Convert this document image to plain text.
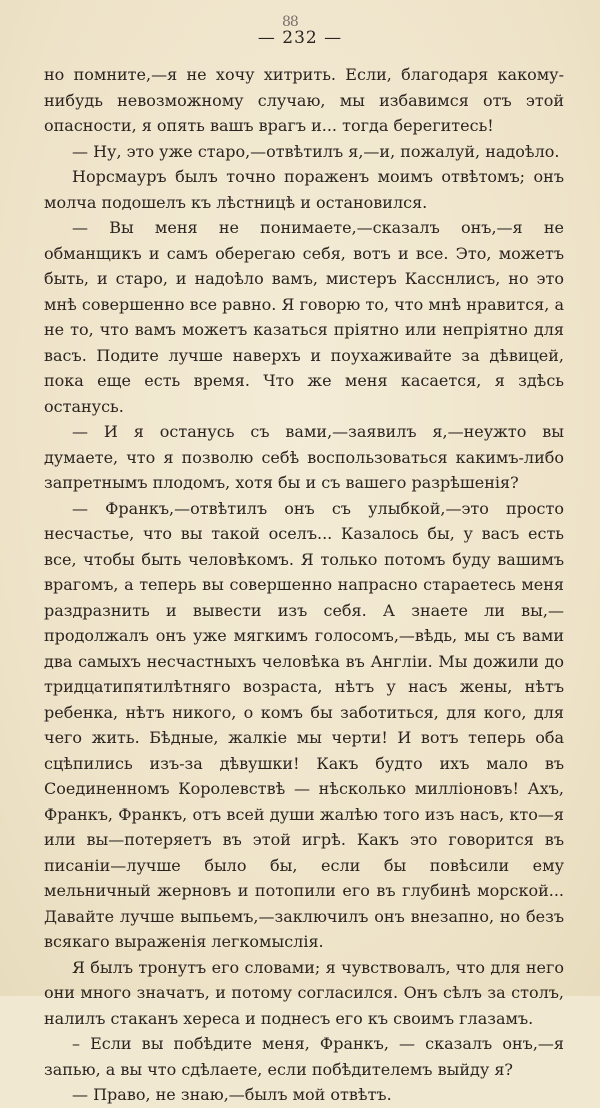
88
— 232 —

но помните,—я не хочу хитрить. Если, благодаря какому-нибудь невозможному случаю, мы избавимся отъ этой опасности, я опять вашъ врагъ и... тогда берегитесь!

— Ну, это уже старо,—отвѣтилъ я,—и, пожалуй, надоѣло.

Норсмауръ былъ точно пораженъ моимъ отвѣтомъ; онъ молча подошелъ къ лѣстницѣ и остановился.

— Вы меня не понимаете,—сказалъ онъ,—я не обманщикъ и самъ оберегаю себя, вотъ и все. Это, можетъ быть, и старо, и надоѣло вамъ, мистеръ Касснлисъ, но это мнѣ совершенно все равно. Я говорю то, что мнѣ нравится, а не то, что вамъ можетъ казаться пріятно или непріятно для васъ. Подите лучше наверхъ и поухаживайте за дѣвицей, пока еще есть время. Что же меня касается, я здѣсь останусь.

— И я останусь съ вами,—заявилъ я,—неужто вы думаете, что я позволю себѣ воспользоваться какимъ-либо запретнымъ плодомъ, хотя бы и съ вашего разрѣшенія?

— Франкъ,—отвѣтилъ онъ съ улыбкой,—это просто несчастье, что вы такой оселъ... Казалось бы, у васъ есть все, чтобы быть человѣкомъ. Я только потомъ буду вашимъ врагомъ, а теперь вы совершенно напрасно стараетесь меня раздразнить и вывести изъ себя. А знаете ли вы,—продолжалъ онъ уже мягкимъ голосомъ,—вѣдь, мы съ вами два самыхъ несчастныхъ человѣка въ Англіи. Мы дожили до тридцатипятилѣтняго возраста, нѣтъ у насъ жены, нѣтъ ребенка, нѣтъ никого, о комъ бы заботиться, для кого, для чего жить. Бѣдные, жалкіе мы черти! И вотъ теперь оба сцѣпились изъ-за дѣвушки! Какъ будто ихъ мало въ Соединенномъ Королевствѣ — нѣсколько милліоновъ! Ахъ, Франкъ, Франкъ, отъ всей души жалѣю того изъ насъ, кто—я или вы—потеряетъ въ этой игрѣ. Какъ это говорится въ писаніи—лучше было бы, если бы повѣсили ему мельничный жерновъ и потопили его въ глубинѣ морской... Давайте лучше выпьемъ,—заключилъ онъ внезапно, но безъ всякаго выраженія легкомыслія.

Я былъ тронутъ его словами; я чувствовалъ, что для него они много значатъ, и потому согласился. Онъ сѣлъ за столъ, налилъ стаканъ хереса и поднесъ его къ своимъ глазамъ.

– Если вы побѣдите меня, Франкъ, — сказалъ онъ,—я запью, а вы что сдѣлаете, если побѣдителемъ выйду я?

— Право, не знаю,—былъ мой отвѣтъ.
